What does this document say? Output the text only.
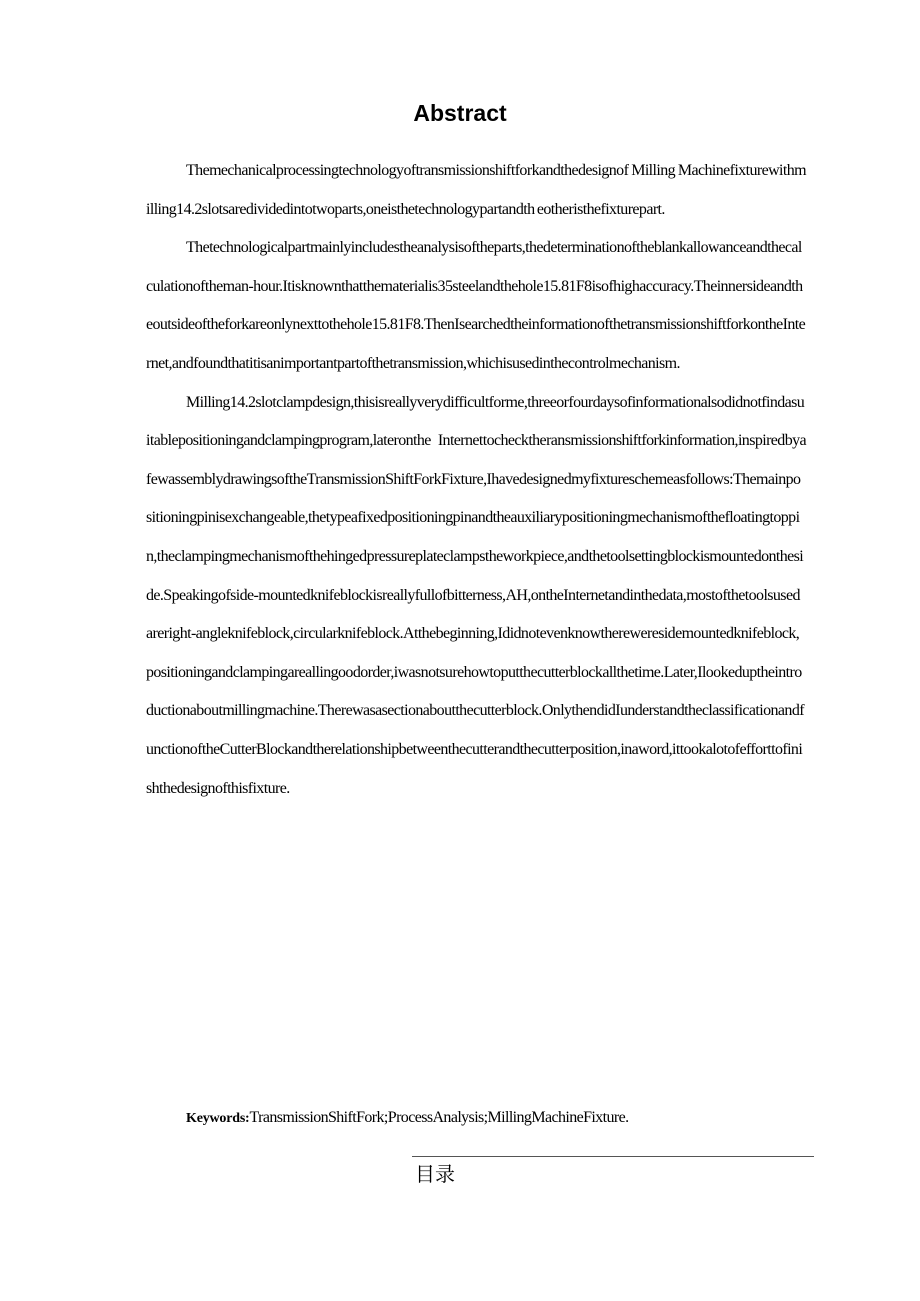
Abstract

Themechanicalprocessingtechnologyoftransmissionshiftforkandthedesignof Milling Machinefixturewithmilling14.2slotsaredividedintotwoparts,oneisthetechnologypartandth eotheristhefixturepart.

Thetechnologicalpartmainlyincludestheanalysisoftheparts,thedeterminationoftheblankallowanceandthecalculationoftheman-hour.Itisknownthatthematerialis35steelandthehole15.81F8isofhighaccuracy.Theinnersideandtheoutsideoftheforkareonlynexttothehole15.81F8.ThenIsearchedtheinformationofthetransmissionshiftforkontheInternet,andfoundthatitisanimportantpartofthetransmission,whichisusedinthecontrolmechanism.

Milling14.2slotclampdesign,thisisreallyverydifficultforme,threeorfourdaysofinformationalsodidnotfindasuitablepositioningandclampingprogram,lateronthe Internettochecktheransmissionshiftforkinformation,inspiredbyafewassemblydrawingsoftheTransmissionShiftForkFixture,Ihavedesignedmyfixtureschemeasfollows:Themainpositioningpinisexchangeable,thetypeafixedpositioningpinandtheauxiliarypositioningmechanismofthefloatingtoppin,theclampingmechanismofthehingedpressureplateclampstheworkpiece,andthetoolsettingblockismountedontheside.Speakingofside-mountedknifeblockisreallyfullofbitterness,AH,ontheInternetandinthedata,mostofthetoolsusedareright-angleknifeblock,circularknifeblock.Atthebeginning,Ididnotevenknowthereweresidemountedknifeblock,positioningandclampingareallingoodorder,iwasnotsurehowtoputthecutterblockallthetime.Later,Ilookeduptheintroductionaboutmillingmachine.Therewasasectionaboutthecutterblock.OnlythendidIunderstandtheclassificationandfunctionoftheCutterBlockandtherelationshipbetweenthecutterandthecutterposition,inaword,ittookalotofefforttofinishthedesignofthisfixture.

Keywords:TransmissionShiftFork;ProcessAnalysis;MillingMachineFixture.

目录
